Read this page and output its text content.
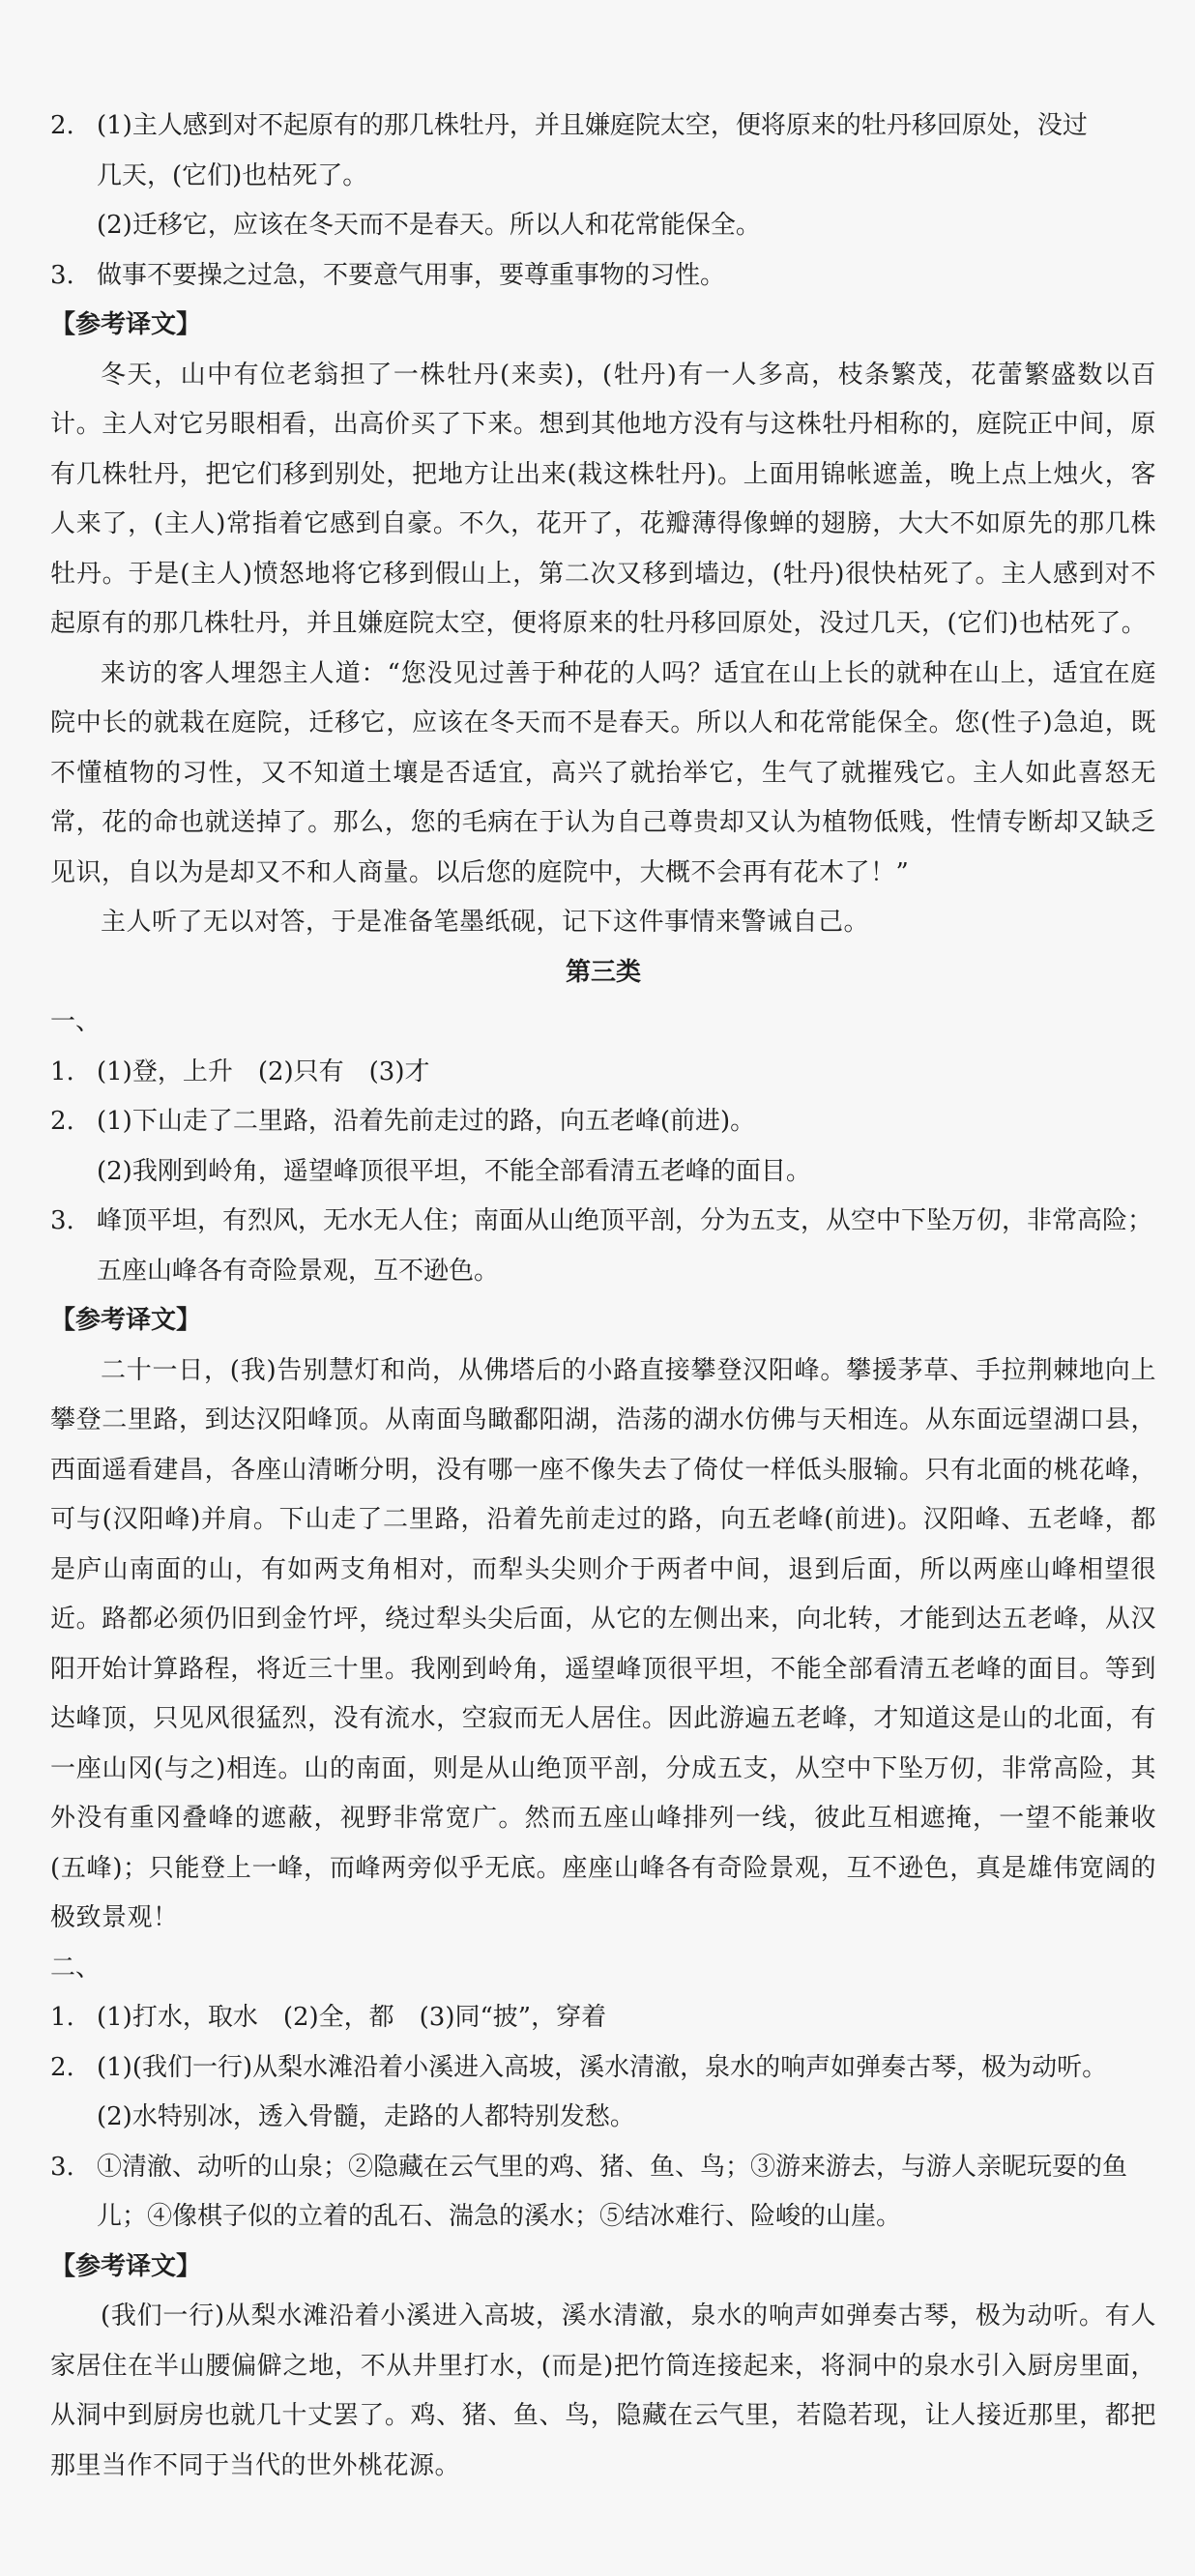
2. (1)主人感到对不起原有的那几株牡丹，并且嫌庭院太空，便将原来的牡丹移回原处，没过

几天，(它们)也枯死了。

(2)迁移它，应该在冬天而不是春天。所以人和花常能保全。

3. 做事不要操之过急，不要意气用事，要尊重事物的习性。

【参考译文】

冬天，山中有位老翁担了一株牡丹(来卖)，(牡丹)有一人多高，枝条繁茂，花蕾繁盛数以百计。主人对它另眼相看，出高价买了下来。想到其他地方没有与这株牡丹相称的，庭院正中间，原有几株牡丹，把它们移到别处，把地方让出来(栽这株牡丹)。上面用锦帐遮盖，晚上点上烛火，客人来了，(主人)常指着它感到自豪。不久，花开了，花瓣薄得像蝉的翅膀，大大不如原先的那几株牡丹。于是(主人)愤怒地将它移到假山上，第二次又移到墙边，(牡丹)很快枯死了。主人感到对不起原有的那几株牡丹，并且嫌庭院太空，便将原来的牡丹移回原处，没过几天，(它们)也枯死了。

来访的客人埋怨主人道：“您没见过善于种花的人吗？适宜在山上长的就种在山上，适宜在庭院中长的就栽在庭院，迁移它，应该在冬天而不是春天。所以人和花常能保全。您(性子)急迫，既不懂植物的习性，又不知道土壤是否适宜，高兴了就抬举它，生气了就摧残它。主人如此喜怒无常，花的命也就送掉了。那么，您的毛病在于认为自己尊贵却又认为植物低贱，性情专断却又缺乏见识，自以为是却又不和人商量。以后您的庭院中，大概不会再有花木了！”

主人听了无以对答，于是准备笔墨纸砚，记下这件事情来警诫自己。

第三类

一、

1. (1)登，上升　(2)只有　(3)才

2. (1)下山走了二里路，沿着先前走过的路，向五老峰(前进)。

(2)我刚到岭角，遥望峰顶很平坦，不能全部看清五老峰的面目。

3. 峰顶平坦，有烈风，无水无人住；南面从山绝顶平剖，分为五支，从空中下坠万仞，非常高险；

五座山峰各有奇险景观，互不逊色。

【参考译文】

二十一日，(我)告别慧灯和尚，从佛塔后的小路直接攀登汉阳峰。攀援茅草、手拉荆棘地向上攀登二里路，到达汉阳峰顶。从南面鸟瞰鄱阳湖，浩荡的湖水仿佛与天相连。从东面远望湖口县，西面遥看建昌，各座山清晰分明，没有哪一座不像失去了倚仗一样低头服输。只有北面的桃花峰，可与(汉阳峰)并肩。下山走了二里路，沿着先前走过的路，向五老峰(前进)。汉阳峰、五老峰，都是庐山南面的山，有如两支角相对，而犁头尖则介于两者中间，退到后面，所以两座山峰相望很近。路都必须仍旧到金竹坪，绕过犁头尖后面，从它的左侧出来，向北转，才能到达五老峰，从汉阳开始计算路程，将近三十里。我刚到岭角，遥望峰顶很平坦，不能全部看清五老峰的面目。等到达峰顶，只见风很猛烈，没有流水，空寂而无人居住。因此游遍五老峰，才知道这是山的北面，有一座山冈(与之)相连。山的南面，则是从山绝顶平剖，分成五支，从空中下坠万仞，非常高险，其外没有重冈叠峰的遮蔽，视野非常宽广。然而五座山峰排列一线，彼此互相遮掩，一望不能兼收(五峰)；只能登上一峰，而峰两旁似乎无底。座座山峰各有奇险景观，互不逊色，真是雄伟宽阔的极致景观！

二、

1. (1)打水，取水　(2)全，都　(3)同“披”，穿着

2. (1)(我们一行)从梨水滩沿着小溪进入高坡，溪水清澈，泉水的响声如弹奏古琴，极为动听。

(2)水特别冰，透入骨髓，走路的人都特别发愁。

3. ①清澈、动听的山泉；②隐藏在云气里的鸡、猪、鱼、鸟；③游来游去，与游人亲昵玩耍的鱼

儿；④像棋子似的立着的乱石、湍急的溪水；⑤结冰难行、险峻的山崖。

【参考译文】

(我们一行)从梨水滩沿着小溪进入高坡，溪水清澈，泉水的响声如弹奏古琴，极为动听。有人家居住在半山腰偏僻之地，不从井里打水，(而是)把竹筒连接起来，将洞中的泉水引入厨房里面，从洞中到厨房也就几十丈罢了。鸡、猪、鱼、鸟，隐藏在云气里，若隐若现，让人接近那里，都把那里当作不同于当代的世外桃花源。
